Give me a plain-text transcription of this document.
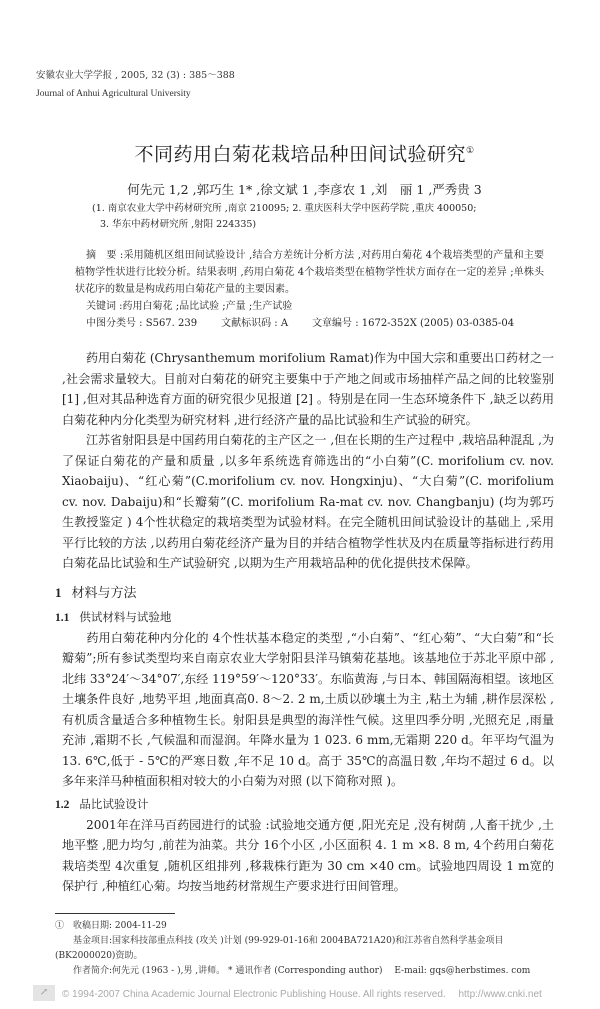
安徽农业大学学报 , 2005, 32 (3) : 385～388
Journal of Anhui Agricultural University
不同药用白菊花栽培品种田间试验研究①
何先元 1,2 ,郭巧生 1* ,徐文斌 1 ,李彦农 1 ,刘　丽 1 ,严秀贵 3
(1. 南京农业大学中药材研究所 ,南京 210095; 2. 重庆医科大学中医药学院 ,重庆 400050;
3. 华东中药材研究所 ,射阳 224335)
摘　要 :采用随机区组田间试验设计 ,结合方差统计分析方法 ,对药用白菊花 4个栽培类型的产量和主要植物学性状进行比较分析。结果表明 ,药用白菊花 4个栽培类型在植物学性状方面存在一定的差异 ;单株头状花序的数量是构成药用白菊花产量的主要因素。
关键词 :药用白菊花 ;品比试验 ;产量 ;生产试验
中图分类号 : S567. 239 文献标识码 : A 文章编号 : 1672-352X (2005) 03-0385-04
　　药用白菊花 (Chrysanthemum morifolium Ramat)作为中国大宗和重要出口药材之一 ,社会需求量较大。目前对白菊花的研究主要集中于产地之间或市场抽样产品之间的比较鉴别 [1] ,但对其品种选育方面的研究很少见报道 [2] 。特别是在同一生态环境条件下 ,缺乏以药用白菊花种内分化类型为研究材料 ,进行经济产量的品比试验和生产试验的研究。
　　江苏省射阳县是中国药用白菊花的主产区之一 ,但在长期的生产过程中 ,栽培品种混乱 ,为了保证白菊花的产量和质量 ,以多年系统选育筛选出的“小白菊”(C. morifolium cv. nov. Xiaobaiju)、“红心菊”(C.morifolium cv. nov. Hongxinju)、“大白菊”(C. morifolium cv. nov. Dabaiju)和“长瓣菊”(C. morifolium Ra-mat cv. nov. Changbanju) (均为郭巧生教授鉴定 ) 4个性状稳定的栽培类型为试验材料。在完全随机田间试验设计的基础上 ,采用平行比较的方法 ,以药用白菊花经济产量为目的并结合植物学性状及内在质量等指标进行药用白菊花品比试验和生产试验研究 ,以期为生产用栽培品种的优化提供技术保障。
1 材料与方法
1.1 供试材料与试验地
　　药用白菊花种内分化的 4个性状基本稳定的类型 ,“小白菊”、“红心菊”、“大白菊”和“长瓣菊”;所有参试类型均来自南京农业大学射阳县洋马镇菊花基地。该基地位于苏北平原中部 ,北纬 33°24′～34°07′,东经 119°59′～120°33′。东临黄海 ,与日本、韩国隔海相望。该地区土壤条件良好 ,地势平坦 ,地面真高0. 8～2. 2 m,土质以砂壤土为主 ,粘土为辅 ,耕作层深松 ,有机质含量适合多种植物生长。射阳县是典型的海洋性气候。这里四季分明 ,光照充足 ,雨量充沛 ,霜期不长 ,气候温和而湿润。年降水量为 1 023. 6 mm,无霜期 220 d。年平均气温为 13. 6℃,低于 - 5℃的严寒日数 ,年不足 10 d。高于 35℃的高温日数 ,年均不超过 6 d。以多年来洋马种植面积相对较大的小白菊为对照 (以下简称对照 )。
1.2 品比试验设计
　　2001年在洋马百药园进行的试验 :试验地交通方便 ,阳光充足 ,没有树荫 ,人畜干扰少 ,土地平整 ,肥力均匀 ,前茬为油菜。共分 16个小区 ,小区面积 4. 1 m ×8. 8 m, 4个药用白菊花栽培类型 4次重复 ,随机区组排列 ,移栽株行距为 30 cm ×40 cm。试验地四周设 1 m宽的保护行 ,种植红心菊。均按当地药材常规生产要求进行田间管理。
①　收稿日期: 2004-11-29
　　基金项目:国家科技部重点科技 (攻关 )计划 (99-929-01-16和 2004BA721A20)和江苏省自然科学基金项目 (BK2000020)资助。
　　作者简介:何先元 (1963 - ),男 ,讲师。 * 通讯作者 (Corresponding author)　 E-mail: gqs@herbstimes. com
↗	© 1994-2007 China Academic Journal Electronic Publishing House. All rights reserved.　 http://www.cnki.net
